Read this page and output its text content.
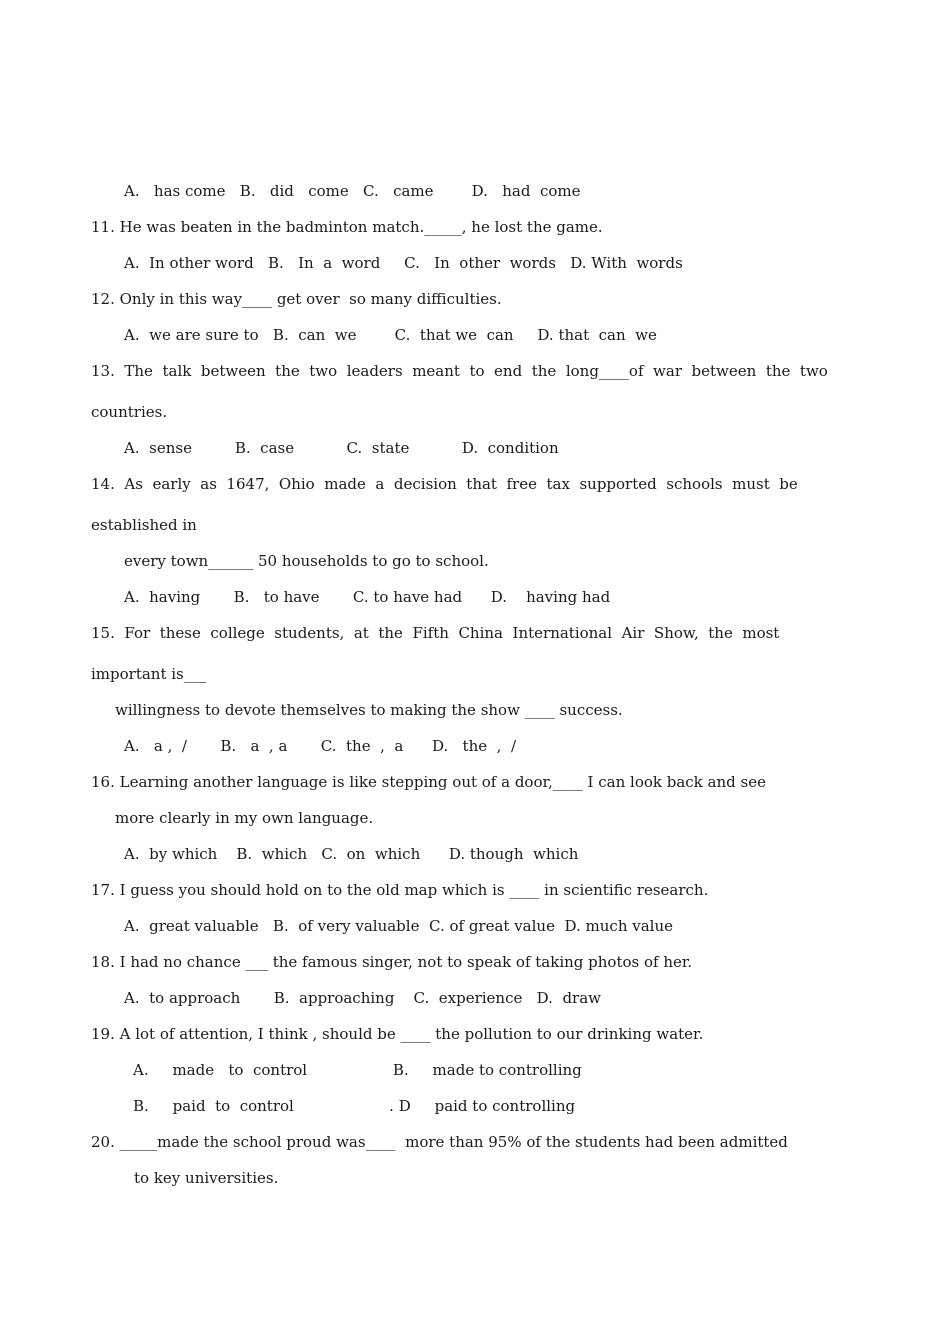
A.   has come   B.   did   come   C.   came        D.   had  come
11. He was beaten in the badminton match._____, he lost the game.
A.  In other word   B.   In  a  word     C.   In  other  words   D. With  words
12. Only in this way____ get over  so many difficulties.
A.  we are sure to   B.  can  we        C.  that we  can     D. that  can  we
13.  The  talk  between  the  two  leaders  meant  to  end  the  long____of  war  between  the  two
countries.
A.  sense         B.  case           C.  state           D.  condition
14.  As  early  as  1647,  Ohio  made  a  decision  that  free  tax  supported  schools  must  be
established in
every town______ 50 households to go to school.
A.  having       B.   to have       C. to have had      D.    having had
15.  For  these  college  students,  at  the  Fifth  China  International  Air  Show,  the  most
important is___
willingness to devote themselves to making the show ____ success.
A.   a ,  /       B.   a  , a       C.  the  ,  a      D.   the  ,  /
16. Learning another language is like stepping out of a door,____ I can look back and see
more clearly in my own language.
A.  by which    B.  which   C.  on  which      D. though  which
17. I guess you should hold on to the old map which is ____ in scientific research.
A.  great valuable   B.  of very valuable  C. of great value  D. much value
18. I had no chance ___ the famous singer, not to speak of taking photos of her.
A.  to approach       B.  approaching    C.  experience   D.  draw
19. A lot of attention, I think , should be ____ the pollution to our drinking water.
A.     made   to  control                  B.     made to controlling
B.     paid  to  control                    . D     paid to controlling
20. _____made the school proud was____  more than 95% of the students had been admitted
to key universities.
